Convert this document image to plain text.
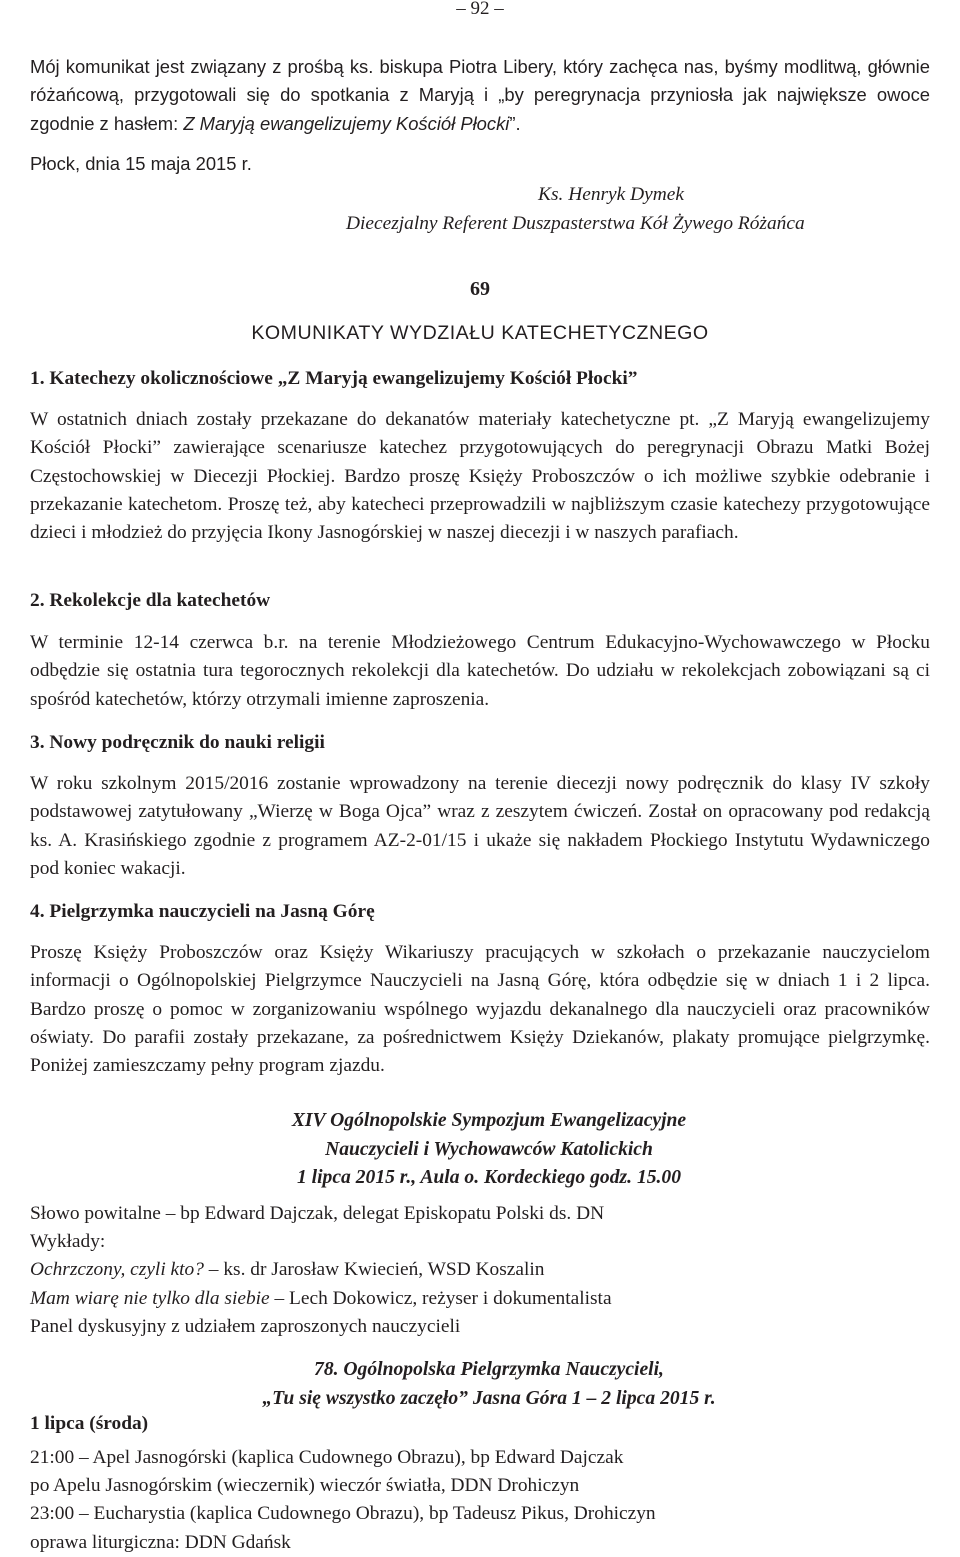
– 92 –

Mój komunikat jest związany z prośbą ks. biskupa Piotra Libery, który zachęca nas, byśmy modlitwą, głównie różańcową, przygotowali się do spotkania z Maryją i „by peregrynacja przyniosła jak największe owoce zgodnie z hasłem: Z Maryją ewangelizujemy Kościół Płocki”.

Płock, dnia 15 maja 2015 r.

Ks. Henryk Dymek
Diecezjalny Referent Duszpasterstwa Kół Żywego Różańca
69
KOMUNIKATY WYDZIAŁU KATECHETYCZNEGO
1. Katechezy okolicznościowe „Z Maryją ewangelizujemy Kościół Płocki”

W ostatnich dniach zostały przekazane do dekanatów materiały katechetyczne pt. „Z Maryją ewangelizujemy Kościół Płocki” zawierające scenariusze katechez przygotowujących do peregrynacji Obrazu Matki Bożej Częstochowskiej w Diecezji Płockiej. Bardzo proszę Księży Proboszczów o ich możliwe szybkie odebranie i przekazanie katechetom. Proszę też, aby katecheci przeprowadzili w najbliższym czasie katechezy przygotowujące dzieci i młodzież do przyjęcia Ikony Jasnogórskiej w naszej diecezji i w naszych parafiach.

2. Rekolekcje dla katechetów

W terminie 12-14 czerwca b.r. na terenie Młodzieżowego Centrum Edukacyjno-Wychowawczego w Płocku odbędzie się ostatnia tura tegorocznych rekolekcji dla katechetów. Do udziału w rekolekcjach zobowiązani są ci spośród katechetów, którzy otrzymali imienne zaproszenia.

3. Nowy podręcznik do nauki religii

W roku szkolnym 2015/2016 zostanie wprowadzony na terenie diecezji nowy podręcznik do klasy IV szkoły podstawowej zatytułowany „Wierzę w Boga Ojca” wraz z zeszytem ćwiczeń. Został on opracowany pod redakcją ks. A. Krasińskiego zgodnie z programem AZ-2-01/15 i ukaże się nakładem Płockiego Instytutu Wydawniczego pod koniec wakacji.

4. Pielgrzymka nauczycieli na Jasną Górę

Proszę Księży Proboszczów oraz Księży Wikariuszy pracujących w szkołach o przekazanie nauczycielom informacji o Ogólnopolskiej Pielgrzymce Nauczycieli na Jasną Górę, która odbędzie się w dniach 1 i 2 lipca. Bardzo proszę o pomoc w zorganizowaniu wspólnego wyjazdu dekanalnego dla nauczycieli oraz pracowników oświaty. Do parafii zostały przekazane, za pośrednictwem Księży Dziekanów, plakaty promujące pielgrzymkę. Poniżej zamieszczamy pełny program zjazdu.

XIV Ogólnopolskie Sympozjum Ewangelizacyjne
Nauczycieli i Wychowawców Katolickich
1 lipca 2015 r., Aula o. Kordeckiego godz. 15.00

Słowo powitalne – bp Edward Dajczak, delegat Episkopatu Polski ds. DN

Wykłady:

Ochrzczony, czyli kto? – ks. dr Jarosław Kwiecień, WSD Koszalin

Mam wiarę nie tylko dla siebie – Lech Dokowicz, reżyser i dokumentalista

Panel dyskusyjny z udziałem zaproszonych nauczycieli

78. Ogólnopolska Pielgrzymka Nauczycieli,
„Tu się wszystko zaczęło” Jasna Góra 1 – 2 lipca 2015 r.
1 lipca (środa)

21:00 – Apel Jasnogórski (kaplica Cudownego Obrazu), bp Edward Dajczak

po Apelu Jasnogórskim (wieczernik) wieczór światła, DDN Drohiczyn

23:00 – Eucharystia (kaplica Cudownego Obrazu), bp Tadeusz Pikus, Drohiczyn

oprawa liturgiczna: DDN Gdańsk
